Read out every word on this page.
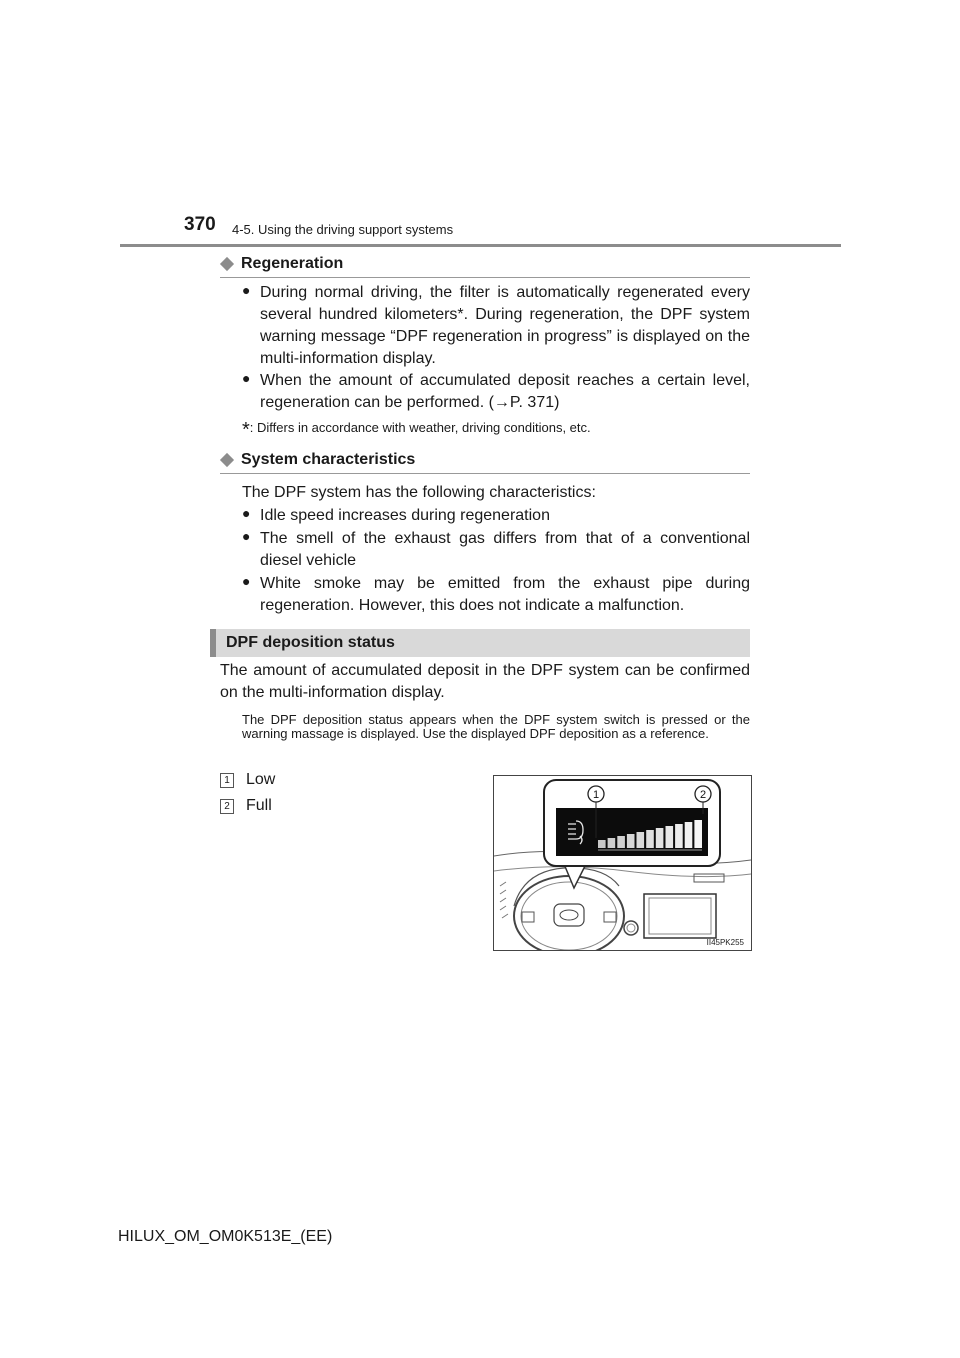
370 4-5. Using the driving support systems
Regeneration
● During normal driving, the filter is automatically regenerated every several hundred kilometers*. During regeneration, the DPF system warning message “DPF regeneration in progress” is displayed on the multi-information display.
● When the amount of accumulated deposit reaches a certain level, regeneration can be performed. (→P. 371)
*: Differs in accordance with weather, driving conditions, etc.
System characteristics
The DPF system has the following characteristics:
● Idle speed increases during regeneration
● The smell of the exhaust gas differs from that of a conventional diesel vehicle
● White smoke may be emitted from the exhaust pipe during regeneration. However, this does not indicate a malfunction.
DPF deposition status
The amount of accumulated deposit in the DPF system can be confirmed on the multi-information display.
The DPF deposition status appears when the DPF system switch is pressed or the warning massage is displayed. Use the displayed DPF deposition as a reference.
1 Low
2 Full
1	2
II45PK255
HILUX_OM_OM0K513E_(EE)
